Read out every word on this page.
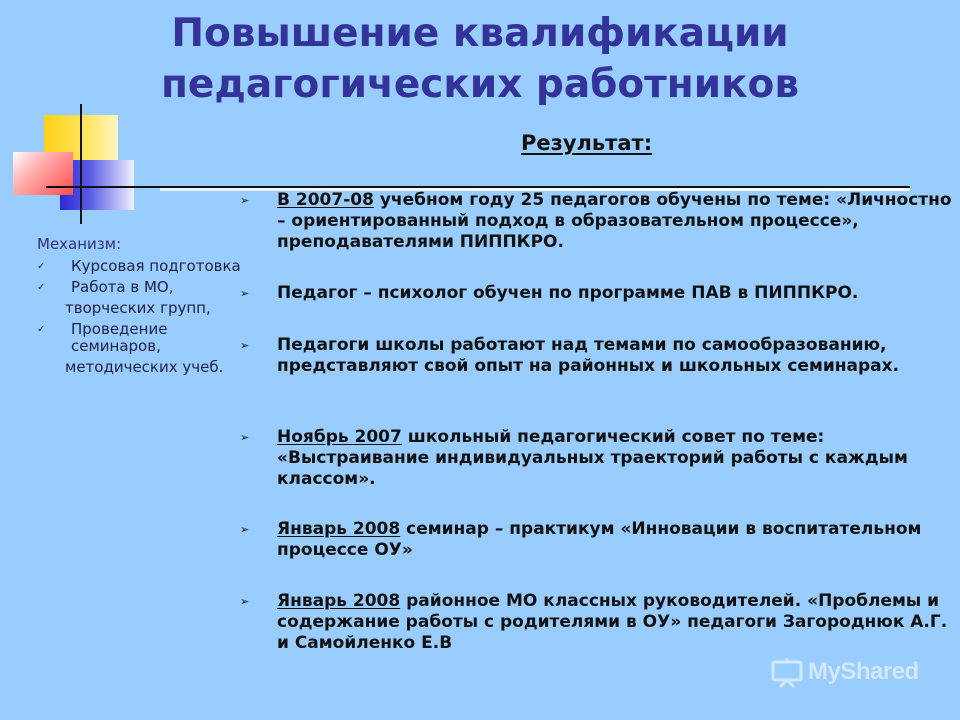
Повышение квалификации
педагогических работников
Механизм:
✓ Курсовая подготовка
✓ Работа в МО,
творческих групп,
✓ Проведение семинаров,
методических учеб.
Результат:
➢	В 2007-08 учебном году 25 педагогов обучены по теме: «Личностно – ориентированный подход в образовательном процессе», преподавателями ПИППКРО.
➢	Педагог – психолог обучен по программе ПАВ в ПИППКРО.
➢	Педагоги школы работают над темами по самообразованию, представляют свой опыт на районных и школьных семинарах.
➢	Ноябрь 2007 школьный педагогический совет по теме: «Выстраивание индивидуальных траекторий работы с каждым классом».
➢	Январь 2008 семинар – практикум «Инновации в воспитательном процессе ОУ»
➢	Январь 2008 районное МО классных руководителей. «Проблемы и содержание работы с родителями в ОУ» педагоги Загороднюк А.Г. и Самойленко Е.В
MyShared
